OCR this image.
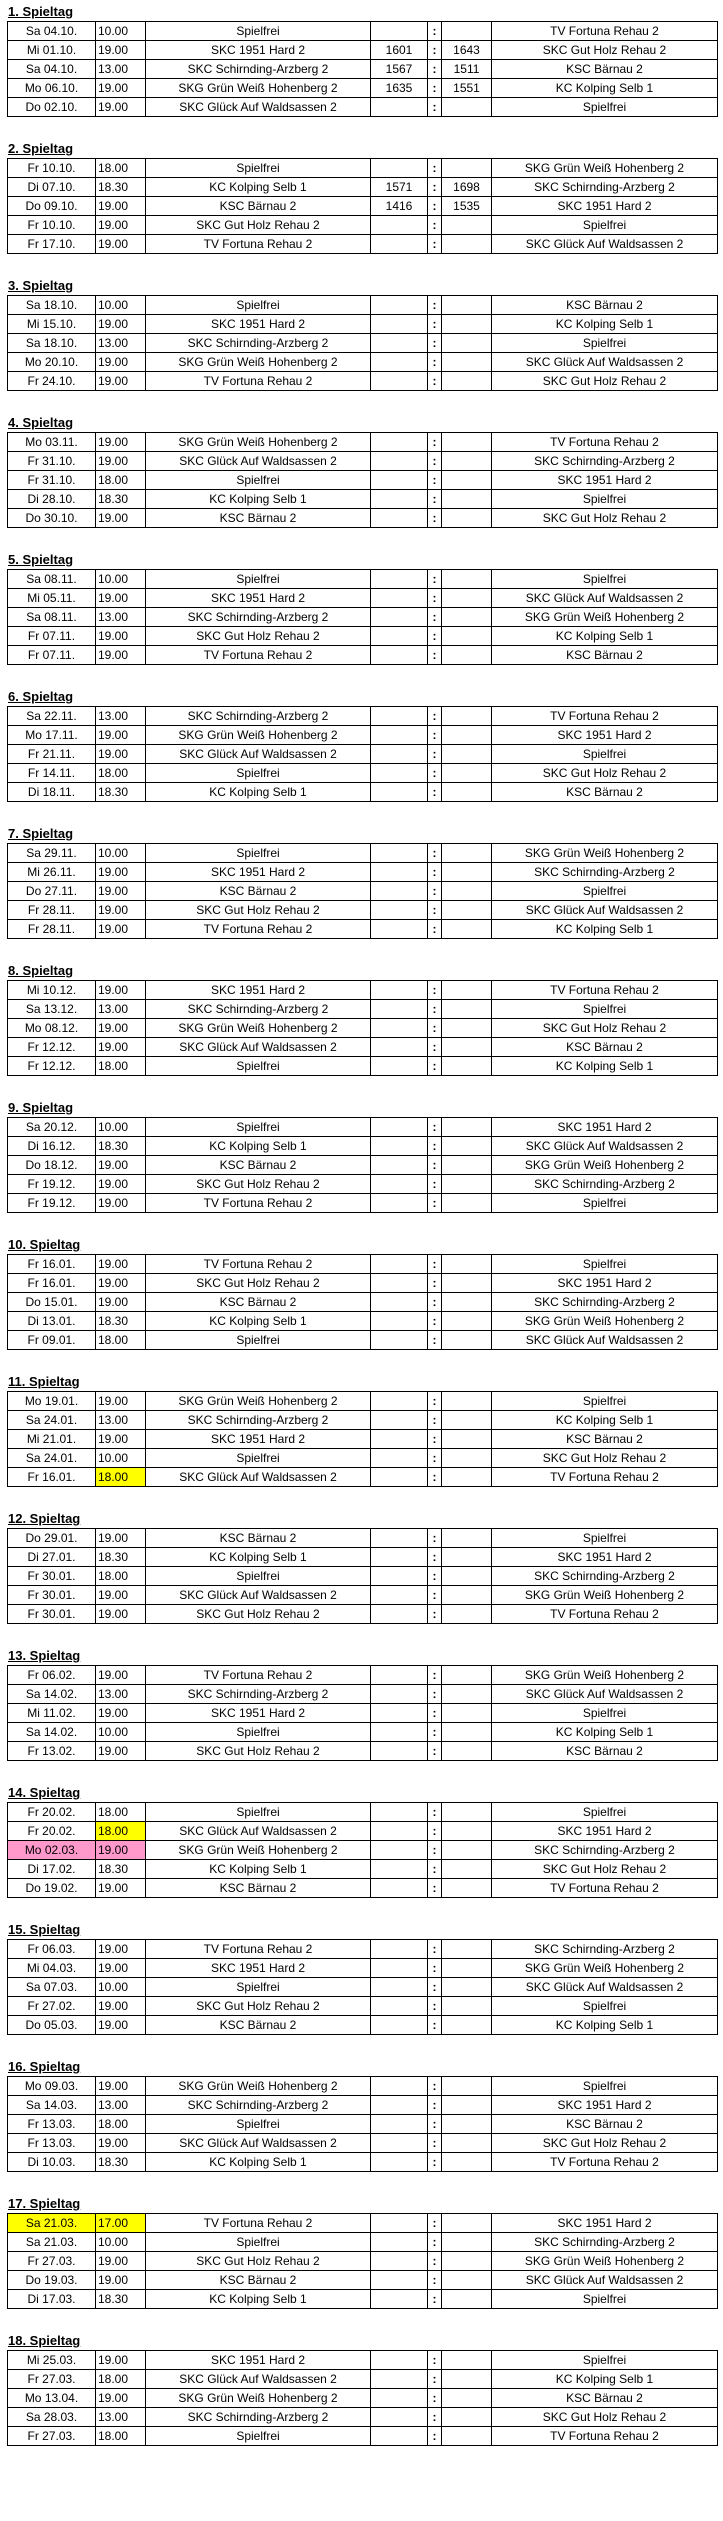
1. Spieltag
Sa 04.10.	10.00	Spielfrei		:		TV Fortuna Rehau 2
Mi 01.10.	19.00	SKC 1951 Hard 2	1601	:	1643	SKC Gut Holz Rehau 2
Sa 04.10.	13.00	SKC Schirnding-Arzberg 2	1567	:	1511	KSC Bärnau 2
Mo 06.10.	19.00	SKG Grün Weiß Hohenberg 2	1635	:	1551	KC Kolping Selb 1
Do 02.10.	19.00	SKC Glück Auf Waldsassen 2		:		Spielfrei
2. Spieltag
Fr 10.10.	18.00	Spielfrei		:		SKG Grün Weiß Hohenberg 2
Di 07.10.	18.30	KC Kolping Selb 1	1571	:	1698	SKC Schirnding-Arzberg 2
Do 09.10.	19.00	KSC Bärnau 2	1416	:	1535	SKC 1951 Hard 2
Fr 10.10.	19.00	SKC Gut Holz Rehau 2		:		Spielfrei
Fr 17.10.	19.00	TV Fortuna Rehau 2		:		SKC Glück Auf Waldsassen 2
3. Spieltag
Sa 18.10.	10.00	Spielfrei		:		KSC Bärnau 2
Mi 15.10.	19.00	SKC 1951 Hard 2		:		KC Kolping Selb 1
Sa 18.10.	13.00	SKC Schirnding-Arzberg 2		:		Spielfrei
Mo 20.10.	19.00	SKG Grün Weiß Hohenberg 2		:		SKC Glück Auf Waldsassen 2
Fr 24.10.	19.00	TV Fortuna Rehau 2		:		SKC Gut Holz Rehau 2
4. Spieltag
Mo 03.11.	19.00	SKG Grün Weiß Hohenberg 2		:		TV Fortuna Rehau 2
Fr 31.10.	19.00	SKC Glück Auf Waldsassen 2		:		SKC Schirnding-Arzberg 2
Fr 31.10.	18.00	Spielfrei		:		SKC 1951 Hard 2
Di 28.10.	18.30	KC Kolping Selb 1		:		Spielfrei
Do 30.10.	19.00	KSC Bärnau 2		:		SKC Gut Holz Rehau 2
5. Spieltag
Sa 08.11.	10.00	Spielfrei		:		Spielfrei
Mi 05.11.	19.00	SKC 1951 Hard 2		:		SKC Glück Auf Waldsassen 2
Sa 08.11.	13.00	SKC Schirnding-Arzberg 2		:		SKG Grün Weiß Hohenberg 2
Fr 07.11.	19.00	SKC Gut Holz Rehau 2		:		KC Kolping Selb 1
Fr 07.11.	19.00	TV Fortuna Rehau 2		:		KSC Bärnau 2
6. Spieltag
Sa 22.11.	13.00	SKC Schirnding-Arzberg 2		:		TV Fortuna Rehau 2
Mo 17.11.	19.00	SKG Grün Weiß Hohenberg 2		:		SKC 1951 Hard 2
Fr 21.11.	19.00	SKC Glück Auf Waldsassen 2		:		Spielfrei
Fr 14.11.	18.00	Spielfrei		:		SKC Gut Holz Rehau 2
Di 18.11.	18.30	KC Kolping Selb 1		:		KSC Bärnau 2
7. Spieltag
Sa 29.11.	10.00	Spielfrei		:		SKG Grün Weiß Hohenberg 2
Mi 26.11.	19.00	SKC 1951 Hard 2		:		SKC Schirnding-Arzberg 2
Do 27.11.	19.00	KSC Bärnau 2		:		Spielfrei
Fr 28.11.	19.00	SKC Gut Holz Rehau 2		:		SKC Glück Auf Waldsassen 2
Fr 28.11.	19.00	TV Fortuna Rehau 2		:		KC Kolping Selb 1
8. Spieltag
Mi 10.12.	19.00	SKC 1951 Hard 2		:		TV Fortuna Rehau 2
Sa 13.12.	13.00	SKC Schirnding-Arzberg 2		:		Spielfrei
Mo 08.12.	19.00	SKG Grün Weiß Hohenberg 2		:		SKC Gut Holz Rehau 2
Fr 12.12.	19.00	SKC Glück Auf Waldsassen 2		:		KSC Bärnau 2
Fr 12.12.	18.00	Spielfrei		:		KC Kolping Selb 1
9. Spieltag
Sa 20.12.	10.00	Spielfrei		:		SKC 1951 Hard 2
Di 16.12.	18.30	KC Kolping Selb 1		:		SKC Glück Auf Waldsassen 2
Do 18.12.	19.00	KSC Bärnau 2		:		SKG Grün Weiß Hohenberg 2
Fr 19.12.	19.00	SKC Gut Holz Rehau 2		:		SKC Schirnding-Arzberg 2
Fr 19.12.	19.00	TV Fortuna Rehau 2		:		Spielfrei
10. Spieltag
Fr 16.01.	19.00	TV Fortuna Rehau 2		:		Spielfrei
Fr 16.01.	19.00	SKC Gut Holz Rehau 2		:		SKC 1951 Hard 2
Do 15.01.	19.00	KSC Bärnau 2		:		SKC Schirnding-Arzberg 2
Di 13.01.	18.30	KC Kolping Selb 1		:		SKG Grün Weiß Hohenberg 2
Fr 09.01.	18.00	Spielfrei		:		SKC Glück Auf Waldsassen 2
11. Spieltag
Mo 19.01.	19.00	SKG Grün Weiß Hohenberg 2		:		Spielfrei
Sa 24.01.	13.00	SKC Schirnding-Arzberg 2		:		KC Kolping Selb 1
Mi 21.01.	19.00	SKC 1951 Hard 2		:		KSC Bärnau 2
Sa 24.01.	10.00	Spielfrei		:		SKC Gut Holz Rehau 2
Fr 16.01.	18.00	SKC Glück Auf Waldsassen 2		:		TV Fortuna Rehau 2
12. Spieltag
Do 29.01.	19.00	KSC Bärnau 2		:		Spielfrei
Di 27.01.	18.30	KC Kolping Selb 1		:		SKC 1951 Hard 2
Fr 30.01.	18.00	Spielfrei		:		SKC Schirnding-Arzberg 2
Fr 30.01.	19.00	SKC Glück Auf Waldsassen 2		:		SKG Grün Weiß Hohenberg 2
Fr 30.01.	19.00	SKC Gut Holz Rehau 2		:		TV Fortuna Rehau 2
13. Spieltag
Fr 06.02.	19.00	TV Fortuna Rehau 2		:		SKG Grün Weiß Hohenberg 2
Sa 14.02.	13.00	SKC Schirnding-Arzberg 2		:		SKC Glück Auf Waldsassen 2
Mi 11.02.	19.00	SKC 1951 Hard 2		:		Spielfrei
Sa 14.02.	10.00	Spielfrei		:		KC Kolping Selb 1
Fr 13.02.	19.00	SKC Gut Holz Rehau 2		:		KSC Bärnau 2
14. Spieltag
Fr 20.02.	18.00	Spielfrei		:		Spielfrei
Fr 20.02.	18.00	SKC Glück Auf Waldsassen 2		:		SKC 1951 Hard 2
Mo 02.03.	19.00	SKG Grün Weiß Hohenberg 2		:		SKC Schirnding-Arzberg 2
Di 17.02.	18.30	KC Kolping Selb 1		:		SKC Gut Holz Rehau 2
Do 19.02.	19.00	KSC Bärnau 2		:		TV Fortuna Rehau 2
15. Spieltag
Fr 06.03.	19.00	TV Fortuna Rehau 2		:		SKC Schirnding-Arzberg 2
Mi 04.03.	19.00	SKC 1951 Hard 2		:		SKG Grün Weiß Hohenberg 2
Sa 07.03.	10.00	Spielfrei		:		SKC Glück Auf Waldsassen 2
Fr 27.02.	19.00	SKC Gut Holz Rehau 2		:		Spielfrei
Do 05.03.	19.00	KSC Bärnau 2		:		KC Kolping Selb 1
16. Spieltag
Mo 09.03.	19.00	SKG Grün Weiß Hohenberg 2		:		Spielfrei
Sa 14.03.	13.00	SKC Schirnding-Arzberg 2		:		SKC 1951 Hard 2
Fr 13.03.	18.00	Spielfrei		:		KSC Bärnau 2
Fr 13.03.	19.00	SKC Glück Auf Waldsassen 2		:		SKC Gut Holz Rehau 2
Di 10.03.	18.30	KC Kolping Selb 1		:		TV Fortuna Rehau 2
17. Spieltag
Sa 21.03.	17.00	TV Fortuna Rehau 2		:		SKC 1951 Hard 2
Sa 21.03.	10.00	Spielfrei		:		SKC Schirnding-Arzberg 2
Fr 27.03.	19.00	SKC Gut Holz Rehau 2		:		SKG Grün Weiß Hohenberg 2
Do 19.03.	19.00	KSC Bärnau 2		:		SKC Glück Auf Waldsassen 2
Di 17.03.	18.30	KC Kolping Selb 1		:		Spielfrei
18. Spieltag
Mi 25.03.	19.00	SKC 1951 Hard 2		:		Spielfrei
Fr 27.03.	18.00	SKC Glück Auf Waldsassen 2		:		KC Kolping Selb 1
Mo 13.04.	19.00	SKG Grün Weiß Hohenberg 2		:		KSC Bärnau 2
Sa 28.03.	13.00	SKC Schirnding-Arzberg 2		:		SKC Gut Holz Rehau 2
Fr 27.03.	18.00	Spielfrei		:		TV Fortuna Rehau 2
